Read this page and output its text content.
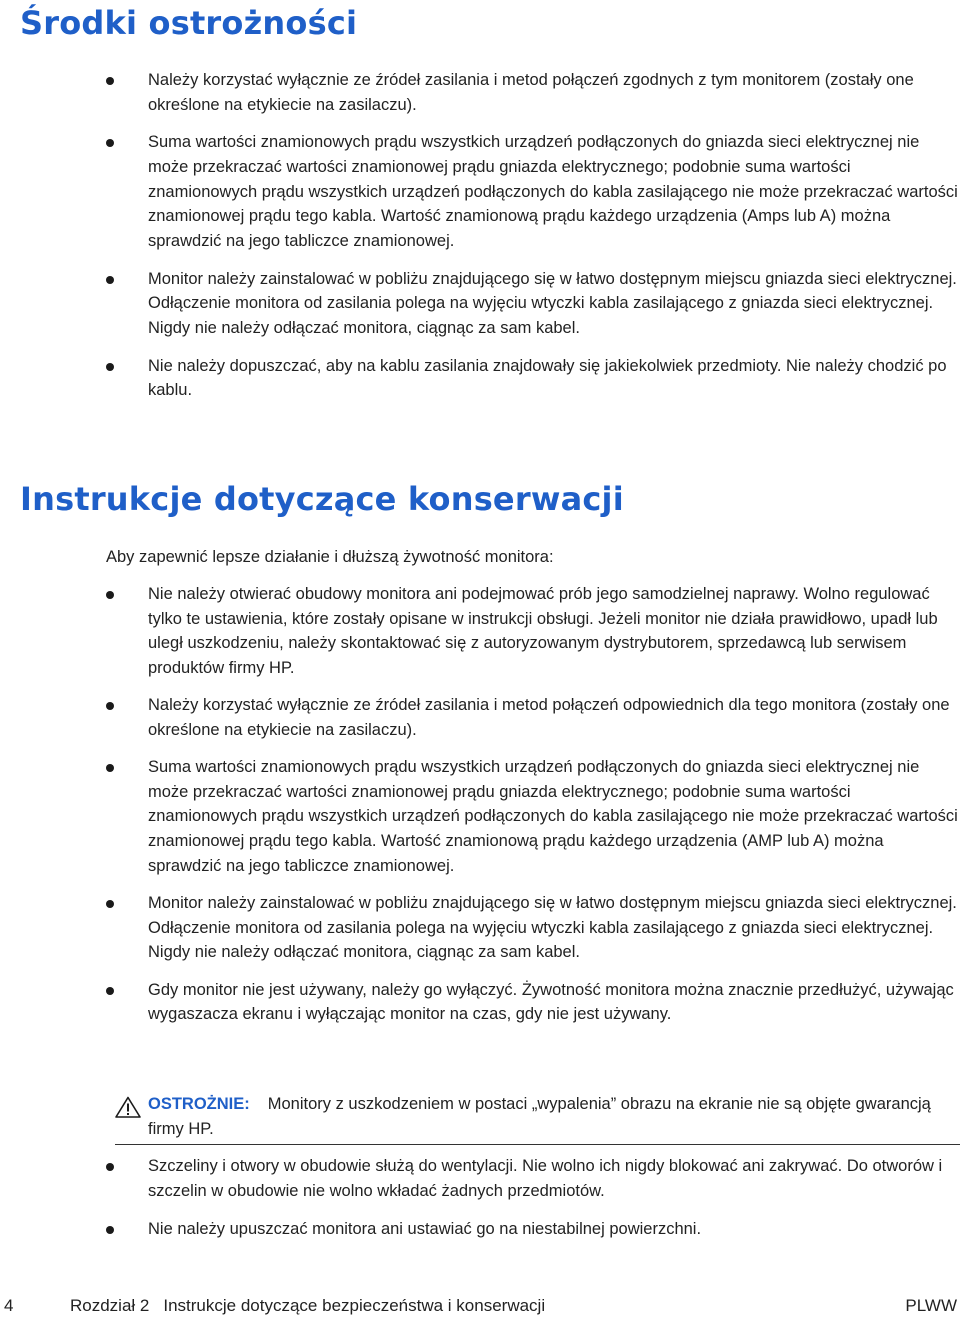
Środki ostrożności
Należy korzystać wyłącznie ze źródeł zasilania i metod połączeń zgodnych z tym monitorem (zostały one określone na etykiecie na zasilaczu).
Suma wartości znamionowych prądu wszystkich urządzeń podłączonych do gniazda sieci elektrycznej nie może przekraczać wartości znamionowej prądu gniazda elektrycznego; podobnie suma wartości znamionowych prądu wszystkich urządzeń podłączonych do kabla zasilającego nie może przekraczać wartości znamionowej prądu tego kabla. Wartość znamionową prądu każdego urządzenia (Amps lub A) można sprawdzić na jego tabliczce znamionowej.
Monitor należy zainstalować w pobliżu znajdującego się w łatwo dostępnym miejscu gniazda sieci elektrycznej. Odłączenie monitora od zasilania polega na wyjęciu wtyczki kabla zasilającego z gniazda sieci elektrycznej. Nigdy nie należy odłączać monitora, ciągnąc za sam kabel.
Nie należy dopuszczać, aby na kablu zasilania znajdowały się jakiekolwiek przedmioty. Nie należy chodzić po kablu.
Instrukcje dotyczące konserwacji
Aby zapewnić lepsze działanie i dłuższą żywotność monitora:
Nie należy otwierać obudowy monitora ani podejmować prób jego samodzielnej naprawy. Wolno regulować tylko te ustawienia, które zostały opisane w instrukcji obsługi. Jeżeli monitor nie działa prawidłowo, upadł lub uległ uszkodzeniu, należy skontaktować się z autoryzowanym dystrybutorem, sprzedawcą lub serwisem produktów firmy HP.
Należy korzystać wyłącznie ze źródeł zasilania i metod połączeń odpowiednich dla tego monitora (zostały one określone na etykiecie na zasilaczu).
Suma wartości znamionowych prądu wszystkich urządzeń podłączonych do gniazda sieci elektrycznej nie może przekraczać wartości znamionowej prądu gniazda elektrycznego; podobnie suma wartości znamionowych prądu wszystkich urządzeń podłączonych do kabla zasilającego nie może przekraczać wartości znamionowej prądu tego kabla. Wartość znamionową prądu każdego urządzenia (AMP lub A) można sprawdzić na jego tabliczce znamionowej.
Monitor należy zainstalować w pobliżu znajdującego się w łatwo dostępnym miejscu gniazda sieci elektrycznej. Odłączenie monitora od zasilania polega na wyjęciu wtyczki kabla zasilającego z gniazda sieci elektrycznej. Nigdy nie należy odłączać monitora, ciągnąc za sam kabel.
Gdy monitor nie jest używany, należy go wyłączyć. Żywotność monitora można znacznie przedłużyć, używając wygaszacza ekranu i wyłączając monitor na czas, gdy nie jest używany.
OSTROŻNIE: Monitory z uszkodzeniem w postaci „wypalenia” obrazu na ekranie nie są objęte gwarancją firmy HP.
Szczeliny i otwory w obudowie służą do wentylacji. Nie wolno ich nigdy blokować ani zakrywać. Do otworów i szczelin w obudowie nie wolno wkładać żadnych przedmiotów.
Nie należy upuszczać monitora ani ustawiać go na niestabilnej powierzchni.
4	Rozdział 2 Instrukcje dotyczące bezpieczeństwa i konserwacji	PLWW
